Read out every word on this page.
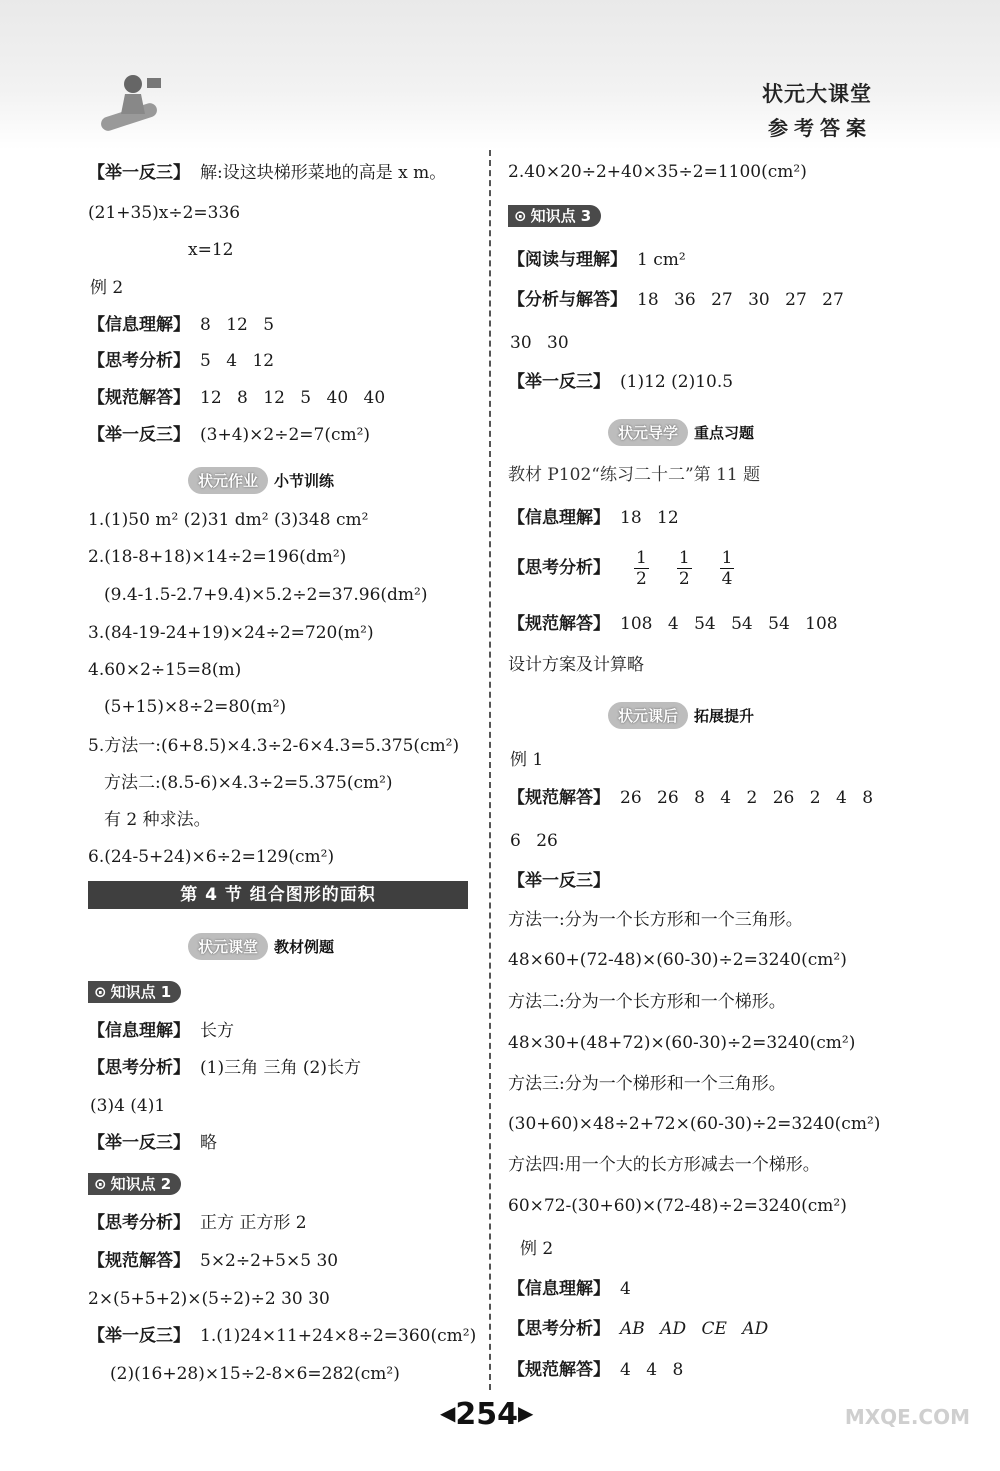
状元大课堂
参考答案
【举一反三】 解:设这块梯形菜地的高是 x m。
(21+35)x÷2=336
x=12
例 2
【信息理解】 8 12 5
【思考分析】 5 4 12
【规范解答】 12 8 12 5 40 40
【举一反三】 (3+4)×2÷2=7(cm²)
状元作业 小节训练
1.(1)50 m² (2)31 dm² (3)348 cm²
2.(18-8+18)×14÷2=196(dm²)
(9.4-1.5-2.7+9.4)×5.2÷2=37.96(dm²)
3.(84-19-24+19)×24÷2=720(m²)
4.60×2÷15=8(m)
(5+15)×8÷2=80(m²)
5.方法一:(6+8.5)×4.3÷2-6×4.3=5.375(cm²)
方法二:(8.5-6)×4.3÷2=5.375(cm²)
有 2 种求法。
6.(24-5+24)×6÷2=129(cm²)
第 4 节 组合图形的面积
状元课堂 教材例题
⊙ 知识点 1
【信息理解】 长方
【思考分析】 (1)三角 三角 (2)长方
(3)4 (4)1
【举一反三】 略
⊙ 知识点 2
【思考分析】 正方 正方形 2
【规范解答】 5×2÷2+5×5 30
2×(5+5+2)×(5÷2)÷2 30 30
【举一反三】 1.(1)24×11+24×8÷2=360(cm²)
(2)(16+28)×15÷2-8×6=282(cm²)
2.40×20÷2+40×35÷2=1100(cm²)
⊙ 知识点 3
【阅读与理解】 1 cm²
【分析与解答】 18 36 27 30 27 27
30 30
【举一反三】 (1)12 (2)10.5
状元导学 重点习题
教材 P102“练习二十二”第 11 题
【信息理解】 18 12
【思考分析】 $\frac{1}{2} \frac{1}{2} \frac{1}{4}$
【规范解答】 108 4 54 54 54 108
设计方案及计算略
状元课后 拓展提升
例 1
【规范解答】 26 26 8 4 2 26 2 4 8
6 26
【举一反三】
方法一:分为一个长方形和一个三角形。
48×60+(72-48)×(60-30)÷2=3240(cm²)
方法二:分为一个长方形和一个梯形。
48×30+(48+72)×(60-30)÷2=3240(cm²)
方法三:分为一个梯形和一个三角形。
(30+60)×48÷2+72×(60-30)÷2=3240(cm²)
方法四:用一个大的长方形减去一个梯形。
60×72-(30+60)×(72-48)÷2=3240(cm²)
例 2
【信息理解】 4
【思考分析】 AB AD CE AD
【规范解答】 4 4 8
◀254▶	MXQE.COM
